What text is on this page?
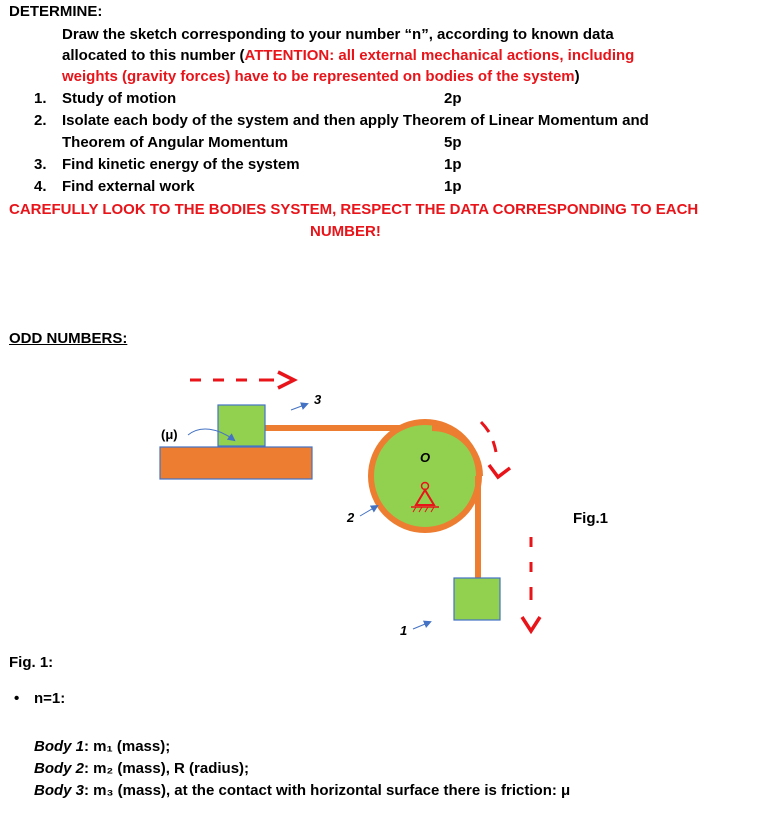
DETERMINE:
Draw the sketch corresponding to your number “n”, according to known data
allocated to this number (ATTENTION: all external mechanical actions, including
weights (gravity forces) have to be represented on bodies of the system)
1. Study of motion	2p
2. Isolate each body of the system and then apply Theorem of Linear Momentum and
Theorem of Angular Momentum	5p
3. Find kinetic energy of the system	1p
4. Find external work	1p
CAREFULLY LOOK TO THE BODIES SYSTEM, RESPECT THE DATA CORRESPONDING TO EACH
NUMBER!
ODD NUMBERS:
(μ)
3
O
2
1
Fig.1
Fig. 1:
• n=1:
Body 1: m₁ (mass);
Body 2: m₂ (mass), R (radius);
Body 3: m₃ (mass), at the contact with horizontal surface there is friction: μ
